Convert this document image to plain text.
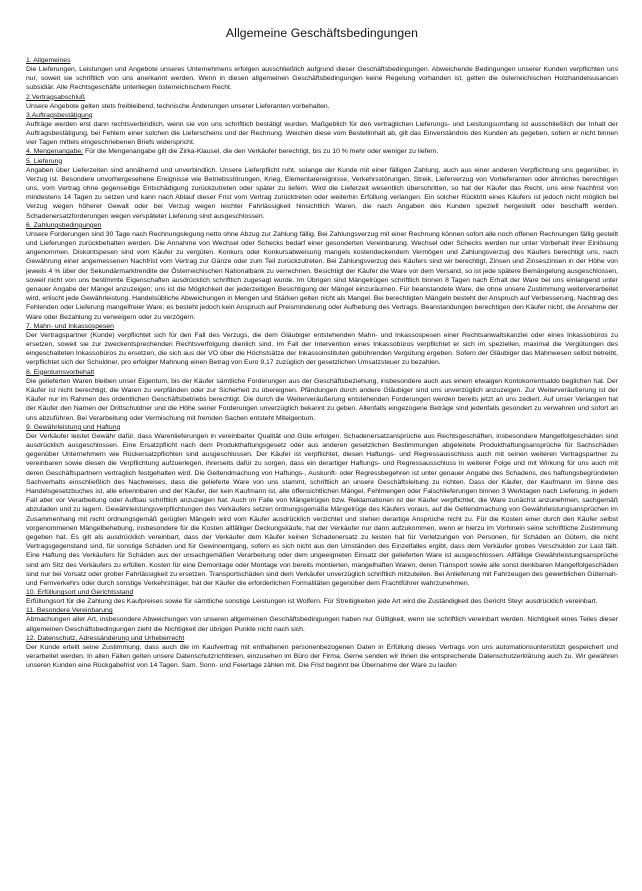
Allgemeine Geschäftsbedingungen
1. Allgemeines

Die Lieferungen, Leistungen und Angebote unseres Unternehmens erfolgen ausschließlich aufgrund dieser Geschäftsbedingungen. Abweichende Bedingungen unserer Kunden verpflichten uns nur, soweit sie schriftlich von uns anerkannt werden. Wenn in diesen allgemeinen Geschäftsbedingungen keine Regelung vorhanden ist, gelten die österreichischen Holzhandelsusancen subsidiär. Alle Rechtsgeschäfte unterliegen österreichischem Recht.

2.Vertragsabschluß

Unsere Angebote gelten stets freibleibend, technische Änderungen unserer Lieferanten vorbehalten.

3.Auftragsbestätigung

Aufträge werden erst dann rechtsverbindlich, wenn sie von uns schriftlich bestätigt wurden. Maßgeblich für den vertraglichen Lieferungs- und Leistungsumfang ist ausschließlich der Inhalt der Auftragsbestätigung, bei Fehlern einer solchen die Lieferscheins und der Rechnung. Weichen diese vom Bestellinhalt ab, gilt das Einverständnis des Kunden als gegeben, sofern er nicht binnen vier Tagen mittels eingeschriebenen Briefs widerspricht.

4. Mengenangabe: Für die Mengenangabe gilt die Zirka-Klausel, die den Verkäufer berechtigt, bis zu 10 % mehr oder weniger zu liefern.

5. Lieferung

Angaben über Lieferzeiten sind annähernd und unverbindlich. Unsere Lieferpflicht ruht, solange der Kunde mit einer fälligen Zahlung, auch aus einer anderen Verpflichtung uns gegenüber, in Verzug ist. Besondere unvorhergesehene Ereignisse wie Betriebsstörungen, Krieg, Elementarereignisse, Verkehrsstörungen, Streik, Lieferverzug von Vorlieferanten oder ähnliches berechtigen uns, vom Vertrag ohne gegenseitige Entschädigung zurückzutreten oder später zu liefern. Wird die Lieferzeit wesentlich überschritten, so hat der Käufer das Recht, uns eine Nachfrist von mindestens 14 Tagen zu setzen und kann nach Ablauf dieser Frist vom Vertrag zurücktreten oder weiterhin Erfüllung verlangen. Ein solcher Rücktritt eines Käufers ist jedoch nicht möglich bei Verzug wegen höherer Gewalt oder bei Verzug wegen leichter Fahrlässigkeit hinsichtlich Waren, die nach Angaben des Kunden speziell hergestellt oder beschafft werden. Schadenersatzforderungen wegen verspäteter Lieferung sind ausgeschlossen.

6. Zahlungsbedingungen

Unsere Forderungen sind 30 Tage nach Rechnungslegung netto ohne Abzug zur Zahlung fällig. Bei Zahlungsverzug mit einer Rechnung können sofort alle noch offenen Rechnungen fällig gestellt und Lieferungen zurückbehalten werden. Die Annahme von Wechsel oder Schecks bedarf einer gesonderten Vereinbarung. Wechsel oder Schecks werden nur unter Vorbehalt ihrer Einlösung angenommen. Diskontspesen sind vom Käufer zu vergüten. Konkurs oder Konkursabweisung mangels kostendeckendem Vermögen und Zahlungsverzug des Käufers berechtigt uns, nach Gewährung einer angemessenen Nachfrist vom Vertrag zur Gänze oder zum Teil zurückzutreten. Bei Zahlungsverzug des Käufers sind wir berechtigt, Zinsen und Zinseszinsen in der Höhe von jeweils 4 % über der Sekundärmarktrendite der Österreichischen Nationalbank zu verrechnen. Besichtigt der Käufer die Ware vor dem Versand, so ist jede spätere Bemängelung ausgeschlossen, soweit nicht von uns bestimmte Eigenschaften ausdrücklich schriftlich zugesagt wurde. Im Übrigen sind Mängelrügen schriftlich binnen 8 Tagen nach Erhalt der Ware bei uns einlangend unter genauer Angabe der Mängel anzuzeigen; uns ist die Möglichkeit der jederzeitigen Besichtigung der Mängel einzuräumen. Für beanstandete Ware, die ohne unsere Zustimmung weiterverarbeitet wird, erlischt jede Gewährleistung. Handelsübliche Abweichungen in Mengen und Stärken gelten nicht als Mangel. Bei berechtigten Mängeln besteht der Anspruch auf Verbesserung, Nachtrag des Fehlenden oder Lieferung mangelfreier Ware; es besteht jedoch kein Anspruch auf Preisminderung oder Aufhebung des Vertrags. Beanstandungen berechtigen den Käufer nicht, die Annahme der Ware oder Bezahlung zu verweigern oder zu verzögern.

7. Mahn- und Inkassospesen

Der Vertragspartner (Kunde) verpflichtet sich für den Fall des Verzugs, die dem Gläubiger entstehenden Mahn- und Inkassospesen einer Rechtsanwaltskanzlei oder eines Inkassobüros zu ersetzen, soweit sie zur zweckentsprechenden Rechtsverfolgung dienlich sind. Im Fall der Intervention eines Inkassobüros verpflichtet er sich im speziellen, maximal die Vergütungen des eingeschalteten Inkassobüros zu ersetzen, die sich aus der VO über die Höchstsätze der Inkassoinstituten gebührenden Vergütung ergeben. Sofern der Gläubiger das Mahnwesen selbst betreibt, verpflichtet sich der Schuldner, pro erfolgter Mahnung einen Betrag von Euro 9,17 zuzüglich der gesetzlichen Umsatzsteuer zu bezahlen.

8. Eigentumsvorbehalt

Die gelieferten Waren bleiben unser Eigentum, bis der Käufer sämtliche Forderungen aus der Geschäftsbeziehung, insbesondere auch aus einem etwaigen Kontokorrentsaldo beglichen hat. Der Käufer ist nicht berechtigt, die Waren zu verpfänden oder zur Sicherheit zu übereignen. Pfändungen durch andere Gläubiger sind uns unverzüglich anzuzeigen. Zur Weiterveräußerung ist der Käufer nur im Rahmen des ordentlichen Geschäftsbetriebs berechtigt. Die durch die Weiterveräußerung entstehenden Forderungen werden bereits jetzt an uns zediert. Auf unser Verlangen hat der Käufer den Namen der Drittschuldner und die Höhe seiner Forderungen unverzüglich bekannt zu geben. Allenfalls eingezogene Beträge sind jedenfalls gesondert zu verwahren und sofort an uns abzuführen. Bei Verarbeitung oder Vermischung mit fremden Sachen entsteht Miteigentum.

9. Gewährleistung und Haftung

Der Verkäufer leistet Gewähr dafür, dass Warenlieferungen in vereinbarter Qualität und Güte erfolgen. Schadenersatzansprüche aus Rechtsgeschäften, insbesondere Mangelfolgeschäden sind ausdrücklich ausgeschlossen. Eine Ersatzpflicht nach dem Produkthaftungsgesetz oder aus anderen gesetzlichen Bestimmungen abgeleitete Produkthaftungsansprüche für Sachschäden gegenüber Unternehmern wie Rückersatzpflichten sind ausgeschlossen. Der Käufer ist verpflichtet, diesen Haftungs- und Regressausschluss auch mit seinen weiteren Vertragspartner zu vereinbaren sowie diesen die Verpflichtung aufzuerlegen, ihrerseits dafür zu sorgen, dass ein derartiger Haftungs- und Regressausschluss in weiterer Folge und mit Wirkung für uns auch mit deren Geschäftspartnern vertraglich festgehalten wird. Die Geltendmachung von Haftungs-, Auskunft- oder Regressbegehren ist unter genauer Angabe des Schadens, des haftungsbegründeten Sachverhalts einschließlich des Nachweises, dass die gelieferte Ware von uns stammt, schriftlich an unsere Geschäftsleitung zu richten. Dass der Käufer, der Kaufmann im Sinne des Handelsgesetzbuches ist, alle erkennbaren und der Käufer, der kein Kaufmann ist, alle offensichtlichen Mängel, Fehlmengen oder Falschlieferungen binnen 3 Werktagen nach Lieferung, in jedem Fall aber vor Verarbeitung oder Aufbau schriftlich anzuzeigen hat. Auch im Falle von Mängelrügen bzw. Reklamationen ist der Käufer verpflichtet, die Ware zunächst anzunehmen, sachgemäß abzuladen und zu lagern. Gewährleistungsverpflichtungen des Verkäufers setzen ordnungsgemäße Mängelrüge des Käufers voraus, auf die Geltendmachung von Gewährleistungsansprüchen im Zusammenhang mit nicht ordnungsgemäß gerügten Mängeln wird vom Käufer ausdrücklich verzichtet und stehen derartige Ansprüche nicht zu. Für die Kosten einer durch den Käufer selbst vorgenommenen Mängelbehebung, insbesondere für die Kosten allfälliger Deckungskäufe, hat der Verkäufer nur dann aufzukommen, wenn er hierzu im Vorhinein seine schriftliche Zustimmung gegeben hat. Es gilt als ausdrücklich vereinbart, dass der Verkäufer dem Käufer keinen Schadenersatz zu leisten hat für Verletzungen von Personen, für Schäden an Gütern, die nicht Vertragsgegenstand sind, für sonstige Schäden und für Gewinnentgang, sofern es sich nicht aus den Umständen des Einzelfalles ergibt, dass dem Verkäufer grobes Verschulden zur Last fällt. Eine Haftung des Verkäufers für Schäden aus der unsachgemäßen Verarbeitung oder dem ungeeigneten Einsatz der gelieferten Ware ist ausgeschlossen. Allfällige Gewährleistungsansprüche sind am Sitz des Verkäufers zu erfüllen. Kosten für eine Demontage oder Montage von bereits montierten, mangelhaften Waren, deren Transport sowie alle sonst denkbaren Mangelfolgeschäden sind nur bei Vorsatz oder grober Fahrlässigkeit zu ersetzen. Transportschäden sind dem Verkäufer unverzüglich schriftlich mitzuteilen. Bei Anlieferung mit Fahrzeugen des gewerblichen Güternah- und Fernverkehrs oder durch sonstige Verkehrsträger, hat der Käufer die erforderlichen Formalitäten gegenüber dem Frachtführer wahrzunehmen.

10. Erfüllungsort und Gerichtsstand

Erfüllungsort für die Zahlung des Kaufpreises sowie für sämtliche sonstige Leistungen ist Wolfern. Für Streitigkeiten jede Art wird die Zuständigkeit des Gericht Steyr ausdrücklich vereinbart.

11. Besondere Vereinbarung

Abmachungen aller Art, insbesondere Abweichungen von unseren allgemeinen Geschäftsbedingungen haben nur Gültigkeit, wenn sie schriftlich vereinbart werden. Nichtigkeit eines Teiles dieser allgemeinen Geschäftsbedingungen zieht die Nichtigkeit der übrigen Punkte nicht nach sich.

12. Datenschutz, Adressänderung und Urheberrecht

Der Kunde erteilt seine Zustimmung, dass auch die im Kaufvertrag mit enthaltenen personenbezogenen Daten in Erfüllung dieses Vertrags von uns automationsunterstützt gespeichert und verarbeitet werden. In allen Fällen gelten unsere Datenschutzrichtlinien, einzusehen im Büro der Firma. Gerne senden wir Ihnen die entsprechende Datenschutzerklärung auch zu. Wir gewähren unseren Kunden eine Rückgabefrist von 14 Tagen. Sam. Sonn- und Feiertage zählen mit. Die Frist beginnt bei Übernahme der Ware zu laufen
